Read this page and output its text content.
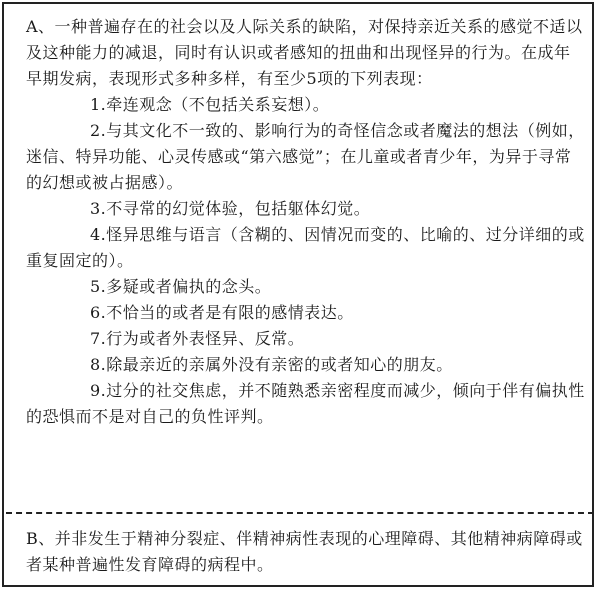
A、一种普遍存在的社会以及人际关系的缺陷，对保持亲近关系的感觉不适以及这种能力的减退，同时有认识或者感知的扭曲和出现怪异的行为。在成年早期发病，表现形式多种多样，有至少5项的下列表现：

1.牵连观念（不包括关系妄想）。

2.与其文化不一致的、影响行为的奇怪信念或者魔法的想法（例如，迷信、特异功能、心灵传感或“第六感觉”；在儿童或者青少年，为异于寻常的幻想或被占据感）。

3.不寻常的幻觉体验，包括躯体幻觉。

4.怪异思维与语言（含糊的、因情况而变的、比喻的、过分详细的或重复固定的）。

5.多疑或者偏执的念头。

6.不恰当的或者是有限的感情表达。

7.行为或者外表怪异、反常。

8.除最亲近的亲属外没有亲密的或者知心的朋友。

9.过分的社交焦虑，并不随熟悉亲密程度而减少，倾向于伴有偏执性的恐惧而不是对自己的负性评判。

B、并非发生于精神分裂症、伴精神病性表现的心理障碍、其他精神病障碍或者某种普遍性发育障碍的病程中。
